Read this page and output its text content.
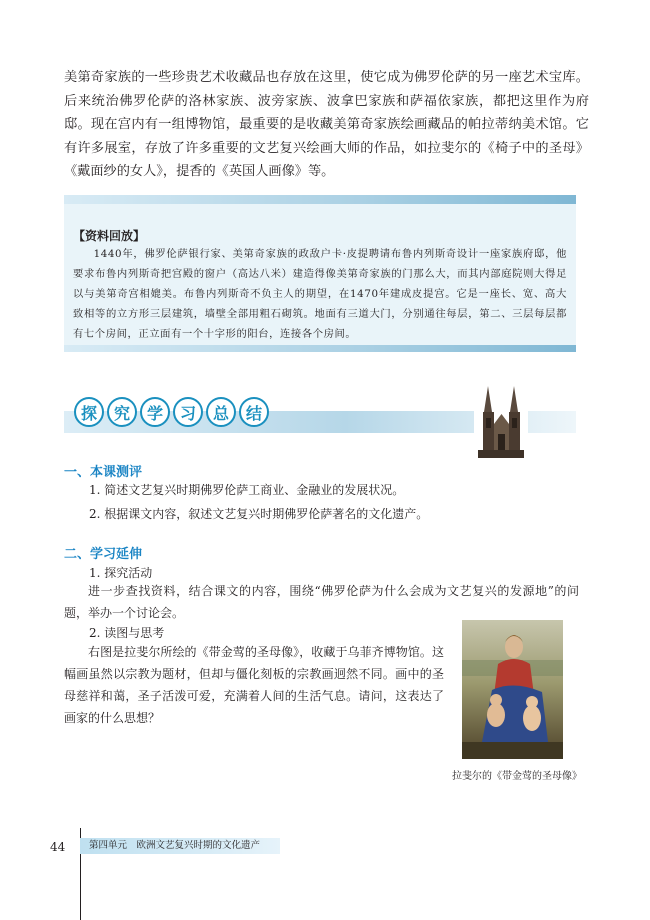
美第奇家族的一些珍贵艺术收藏品也存放在这里，使它成为佛罗伦萨的另一座艺术宝库。后来统治佛罗伦萨的洛林家族、波旁家族、波拿巴家族和萨福依家族，都把这里作为府邸。现在宫内有一组博物馆，最重要的是收藏美第奇家族绘画藏品的帕拉蒂纳美术馆。它有许多展室，存放了许多重要的文艺复兴绘画大师的作品，如拉斐尔的《椅子中的圣母》《戴面纱的女人》，提香的《英国人画像》等。

【资料回放】

1440年，佛罗伦萨银行家、美第奇家族的政敌户卡·皮提聘请布鲁内列斯奇设计一座家族府邸，他要求布鲁内列斯奇把宫殿的窗户（高达八米）建造得像美第奇家族的门那么大，而其内部庭院则大得足以与美第奇宫相媲美。布鲁内列斯奇不负主人的期望，在1470年建成皮提宫。它是一座长、宽、高大致相等的立方形三层建筑，墙壁全部用粗石砌筑。地面有三道大门，分别通往每层，第二、三层每层都有七个房间，正立面有一个十字形的阳台，连接各个房间。

探	究	学	习	总	结
一、本课测评

1. 简述文艺复兴时期佛罗伦萨工商业、金融业的发展状况。

2. 根据课文内容，叙述文艺复兴时期佛罗伦萨著名的文化遗产。

二、学习延伸

1. 探究活动

进一步查找资料，结合课文的内容，围绕“佛罗伦萨为什么会成为文艺复兴的发源地”的问题，举办一个讨论会。

2. 读图与思考

右图是拉斐尔所绘的《带金莺的圣母像》，收藏于乌菲齐博物馆。这幅画虽然以宗教为题材，但却与僵化刻板的宗教画迥然不同。画中的圣母慈祥和蔼，圣子活泼可爱，充满着人间的生活气息。请问，这表达了画家的什么思想？

拉斐尔的《带金莺的圣母像》

44	第四单元　欧洲文艺复兴时期的文化遗产
